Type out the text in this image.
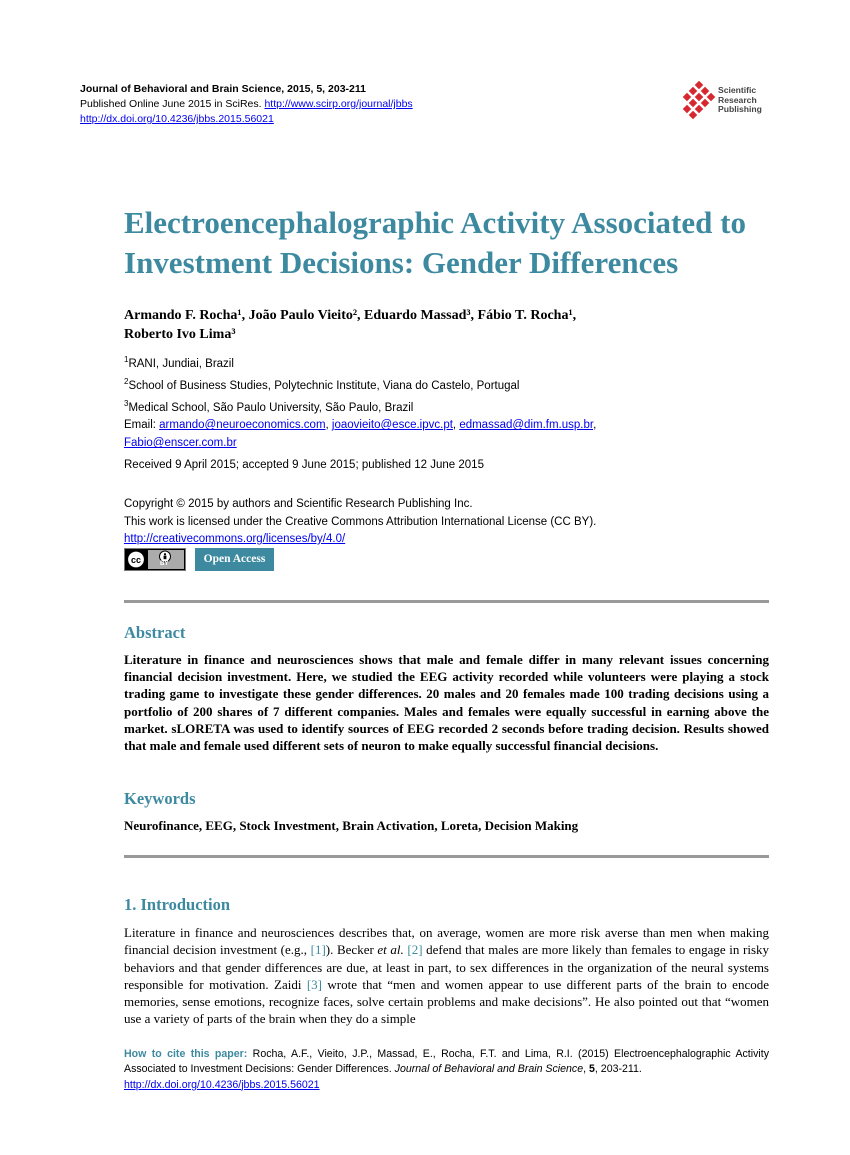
Journal of Behavioral and Brain Science, 2015, 5, 203-211
Published Online June 2015 in SciRes. http://www.scirp.org/journal/jbbs
http://dx.doi.org/10.4236/jbbs.2015.56021
Scientific
Research
Publishing
Electroencephalographic Activity Associated to Investment Decisions: Gender Differences
Armando F. Rocha¹, João Paulo Vieito², Eduardo Massad³, Fábio T. Rocha¹,
Roberto Ivo Lima³
$^1$RANI, Jundiai, Brazil
$^2$School of Business Studies, Polytechnic Institute, Viana do Castelo, Portugal
$^3$Medical School, São Paulo University, São Paulo, Brazil
Email: armando@neuroeconomics.com, joaovieito@esce.ipvc.pt, edmassad@dim.fm.usp.br,
Fabio@enscer.com.br
Received 9 April 2015; accepted 9 June 2015; published 12 June 2015
Copyright © 2015 by authors and Scientific Research Publishing Inc.
This work is licensed under the Creative Commons Attribution International License (CC BY).
http://creativecommons.org/licenses/by/4.0/
cc	BY	Open Access
Abstract
Literature in finance and neurosciences shows that male and female differ in many relevant issues concerning financial decision investment. Here, we studied the EEG activity recorded while volunteers were playing a stock trading game to investigate these gender differences. 20 males and 20 females made 100 trading decisions using a portfolio of 200 shares of 7 different companies. Males and females were equally successful in earning above the market. sLORETA was used to identify sources of EEG recorded 2 seconds before trading decision. Results showed that male and female used different sets of neuron to make equally successful financial decisions.
Keywords
Neurofinance, EEG, Stock Investment, Brain Activation, Loreta, Decision Making
1. Introduction
Literature in finance and neurosciences describes that, on average, women are more risk averse than men when making financial decision investment (e.g., [1]). Becker et al. [2] defend that males are more likely than females to engage in risky behaviors and that gender differences are due, at least in part, to sex differences in the organization of the neural systems responsible for motivation. Zaidi [3] wrote that “men and women appear to use different parts of the brain to encode memories, sense emotions, recognize faces, solve certain problems and make decisions”. He also pointed out that “women use a variety of parts of the brain when they do a simple
How to cite this paper: Rocha, A.F., Vieito, J.P., Massad, E., Rocha, F.T. and Lima, R.I. (2015) Electroencephalographic Activity Associated to Investment Decisions: Gender Differences. Journal of Behavioral and Brain Science, 5, 203-211.
http://dx.doi.org/10.4236/jbbs.2015.56021
